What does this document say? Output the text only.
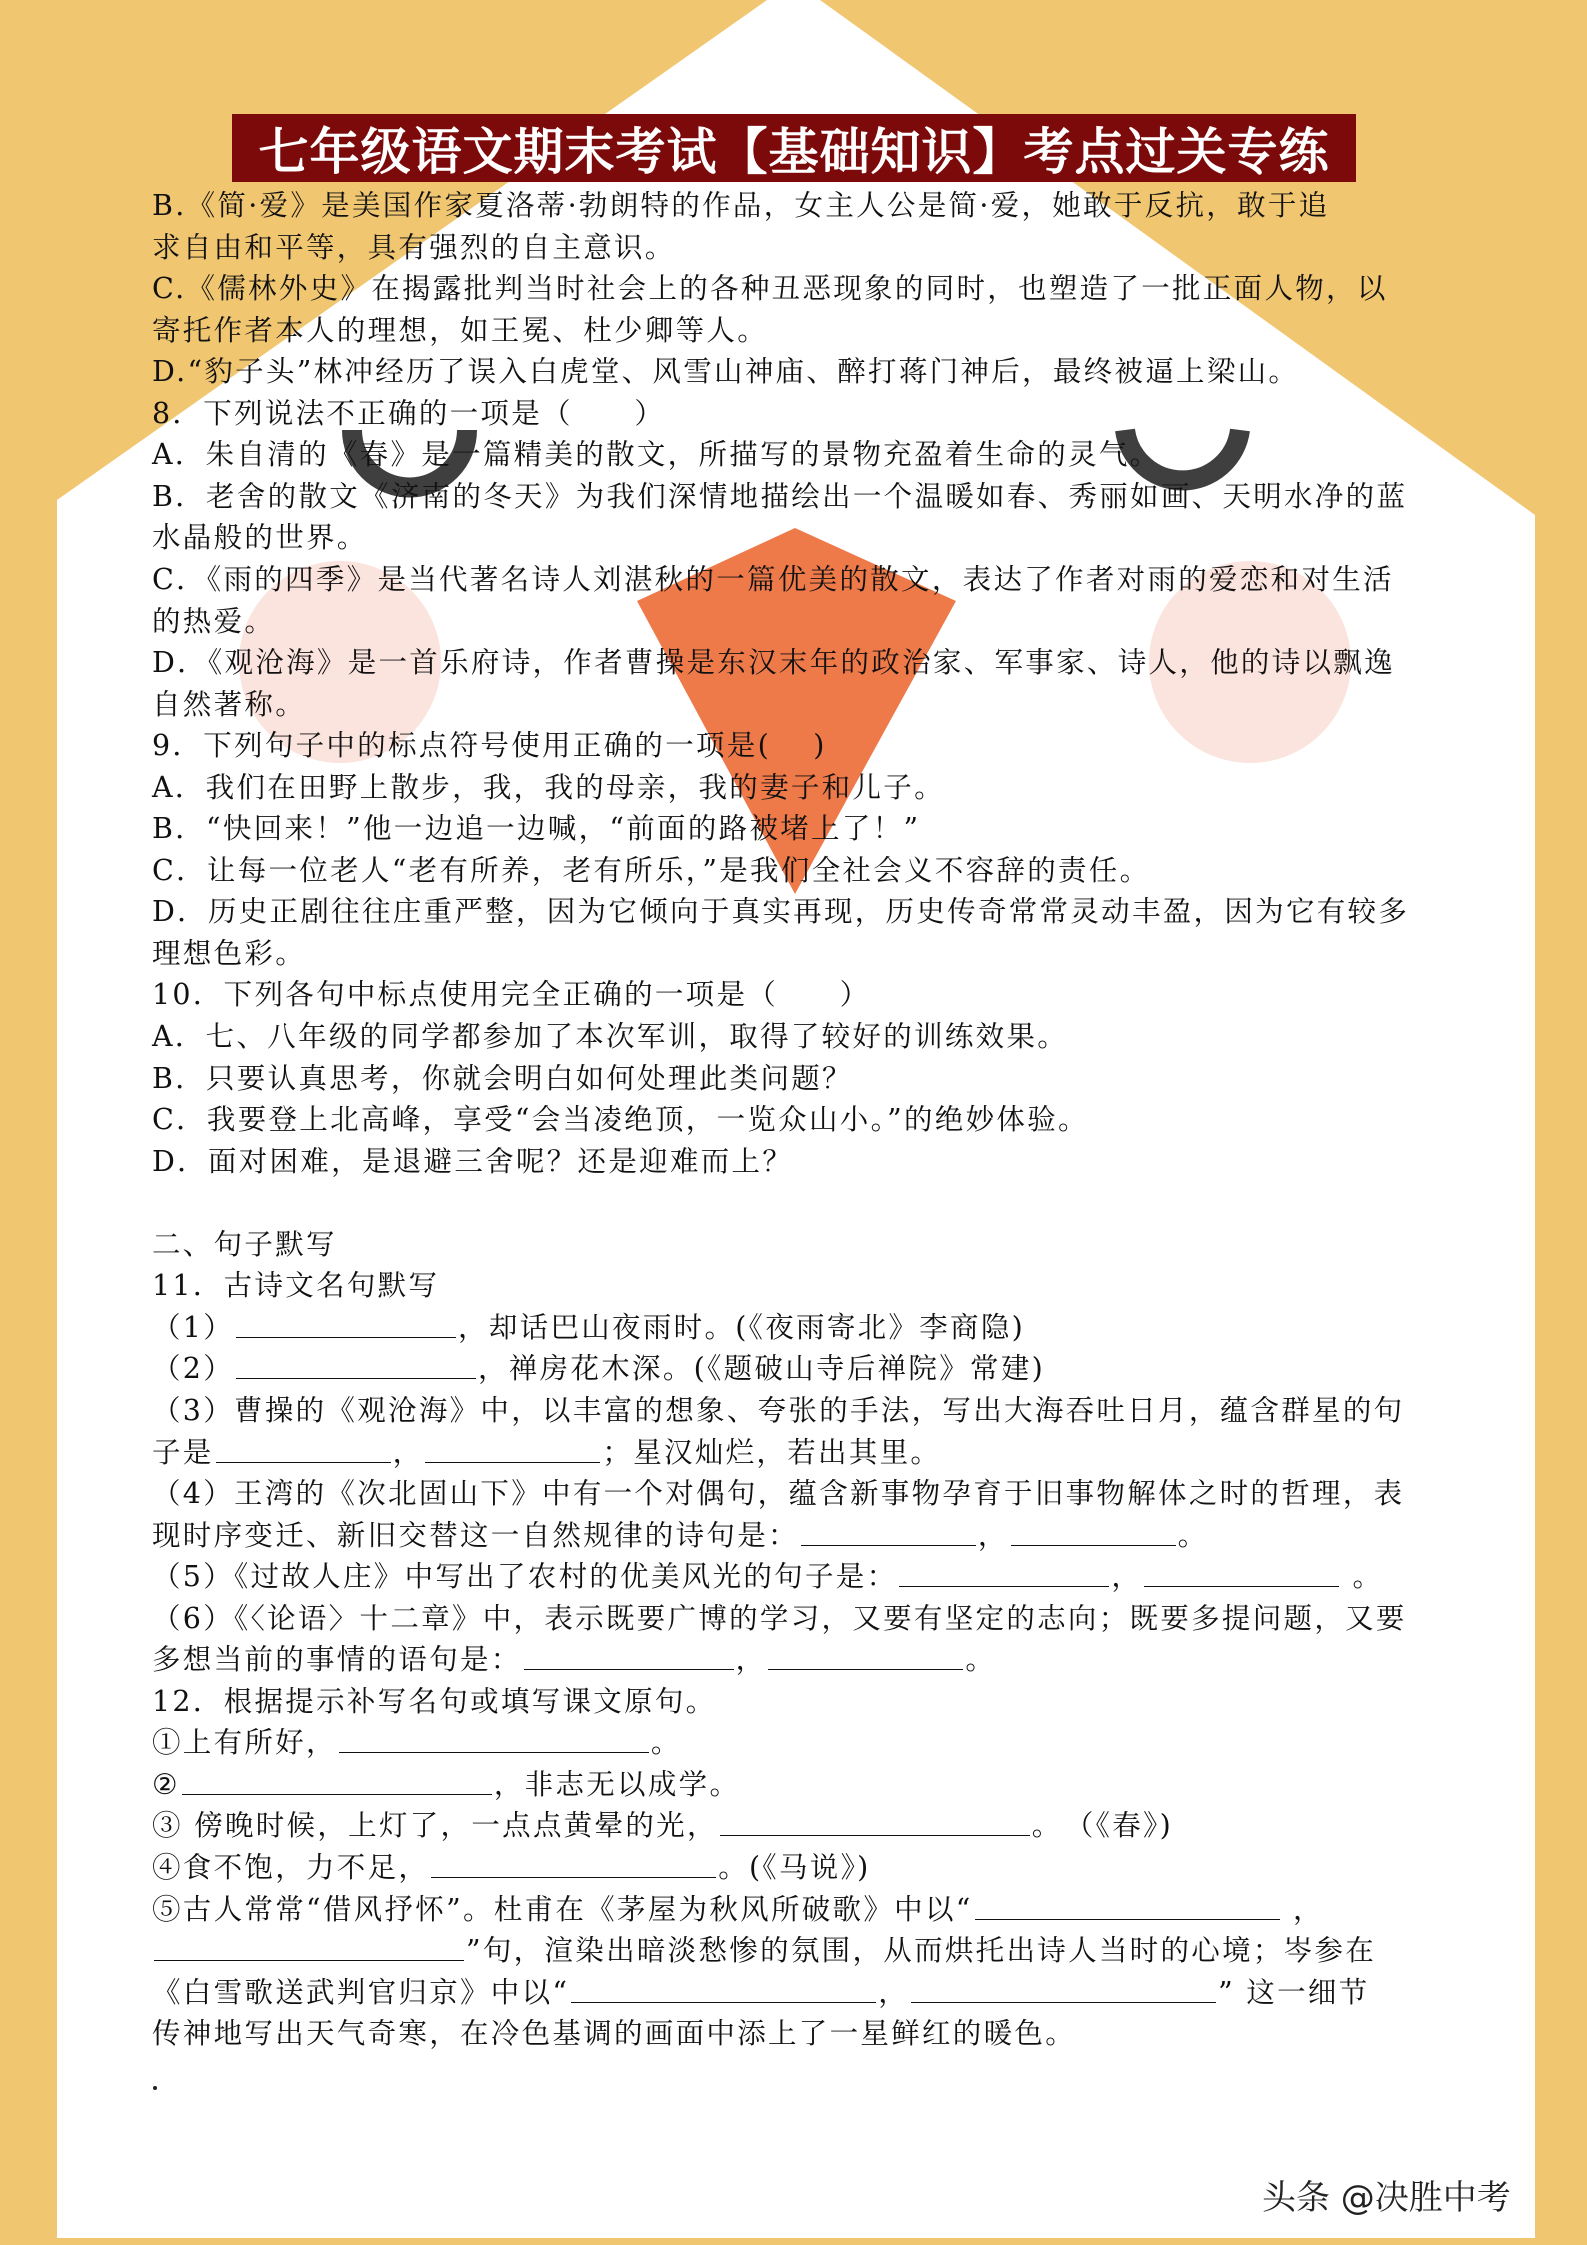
七年级语文期末考试【基础知识】考点过关专练
B.《简·爱》是美国作家夏洛蒂·勃朗特的作品，女主人公是简·爱，她敢于反抗，敢于追
求自由和平等，具有强烈的自主意识。
C.《儒林外史》在揭露批判当时社会上的各种丑恶现象的同时，也塑造了一批正面人物，以
寄托作者本人的理想，如王冕、杜少卿等人。
D.“豹子头”林冲经历了误入白虎堂、风雪山神庙、醉打蒋门神后，最终被逼上梁山。
8．下列说法不正确的一项是（　　）
A．朱自清的《春》是一篇精美的散文，所描写的景物充盈着生命的灵气。
B．老舍的散文《济南的冬天》为我们深情地描绘出一个温暖如春、秀丽如画、天明水净的蓝
水晶般的世界。
C．《雨的四季》是当代著名诗人刘湛秋的一篇优美的散文，表达了作者对雨的爱恋和对生活
的热爱。
D．《观沧海》是一首乐府诗，作者曹操是东汉末年的政治家、军事家、诗人，他的诗以飘逸
自然著称。
9．下列句子中的标点符号使用正确的一项是(　 )
A．我们在田野上散步，我，我的母亲，我的妻子和儿子。
B．“快回来！”他一边追一边喊，“前面的路被堵上了！”
C．让每一位老人“老有所养，老有所乐，”是我们全社会义不容辞的责任。
D．历史正剧往往庄重严整，因为它倾向于真实再现，历史传奇常常灵动丰盈，因为它有较多
理想色彩。
10．下列各句中标点使用完全正确的一项是（　　）
A．七、八年级的同学都参加了本次军训，取得了较好的训练效果。
B．只要认真思考，你就会明白如何处理此类问题？
C．我要登上北高峰，享受“会当凌绝顶，一览众山小。”的绝妙体验。
D．面对困难，是退避三舍呢？还是迎难而上？
二、句子默写
11．古诗文名句默写
（1）	，却话巴山夜雨时。(《夜雨寄北》李商隐)
（2）	，禅房花木深。(《题破山寺后禅院》常建)
（3）曹操的《观沧海》中，以丰富的想象、夸张的手法，写出大海吞吐日月，蕴含群星的句
子是	，	；星汉灿烂，若出其里。
（4）王湾的《次北固山下》中有一个对偶句，蕴含新事物孕育于旧事物解体之时的哲理，表
现时序变迁、新旧交替这一自然规律的诗句是：	，	。
（5）《过故人庄》中写出了农村的优美风光的句子是：	，	。
（6）《〈论语〉十二章》中，表示既要广博的学习，又要有坚定的志向；既要多提问题，又要
多想当前的事情的语句是：	，	。
12．根据提示补写名句或填写课文原句。
①上有所好，	。
②	，非志无以成学。
③ 傍晚时候，上灯了，一点点黄晕的光，	。　（《春》)
④食不饱，力不足，	。(《马说》)
⑤古人常常“借风抒怀”。杜甫在《茅屋为秋风所破歌》中以“	，
”句，渲染出暗淡愁惨的氛围，从而烘托出诗人当时的心境；岑参在
《白雪歌送武判官归京》中以“	，	” 这一细节
传神地写出天气奇寒，在冷色基调的画面中添上了一星鲜红的暖色。
头条 @决胜中考
